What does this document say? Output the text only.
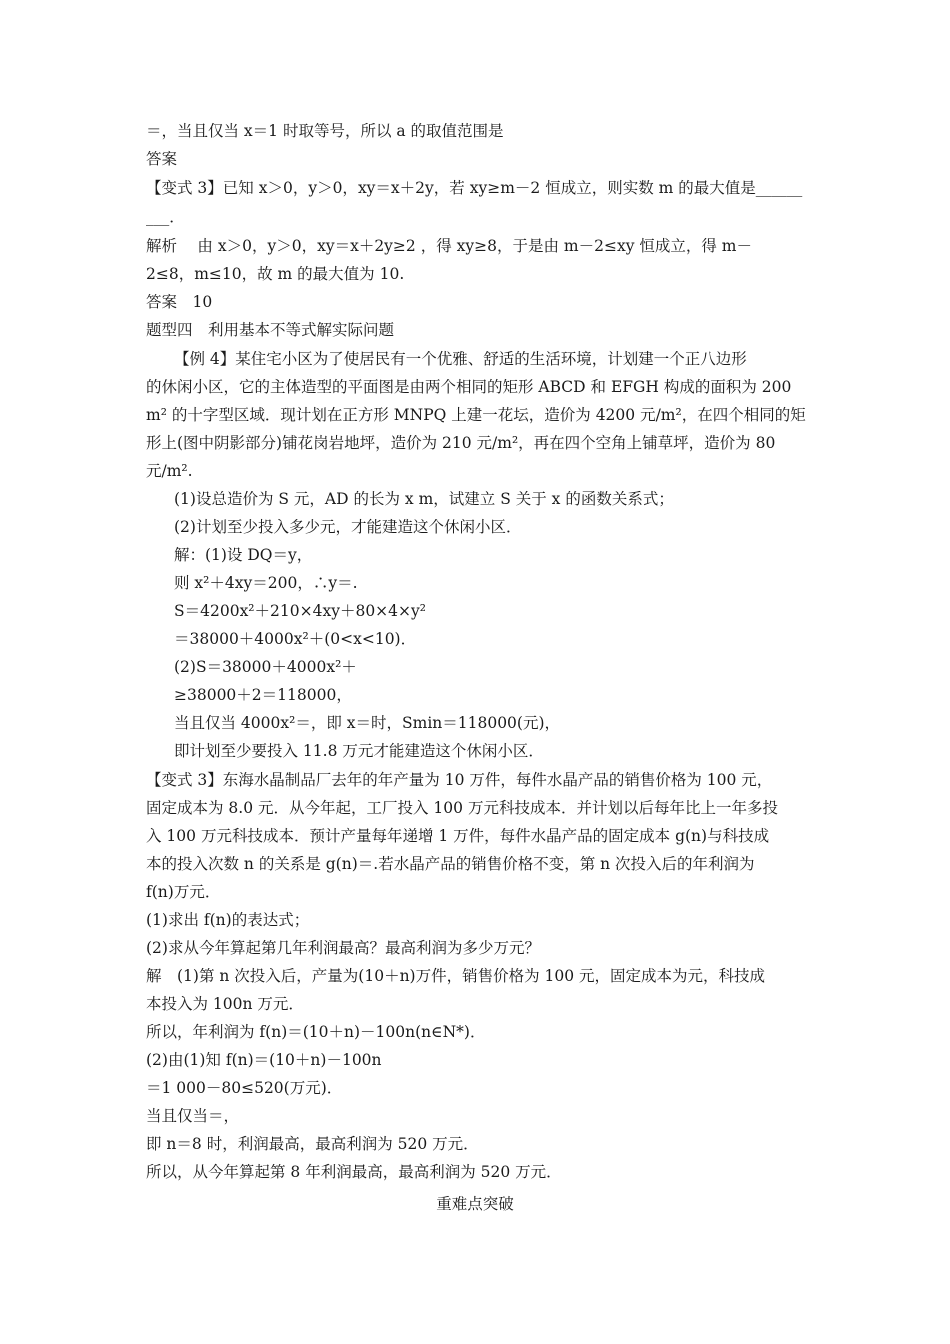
＝，当且仅当 x＝1 时取等号，所以 a 的取值范围是
答案
【变式 3】已知 x＞0，y＞0，xy＝x＋2y，若 xy≥m－2 恒成立，则实数 m 的最大值是______
___．
解析　 由 x＞0，y＞0，xy＝x＋2y≥2 ，得 xy≥8，于是由 m－2≤xy 恒成立，得 m－
2≤8，m≤10，故 m 的最大值为 10.
答案　10
题型四　利用基本不等式解实际问题
【例 4】某住宅小区为了使居民有一个优雅、舒适的生活环境，计划建一个正八边形
的休闲小区，它的主体造型的平面图是由两个相同的矩形 ABCD 和 EFGH 构成的面积为 200
m² 的十字型区域．现计划在正方形 MNPQ 上建一花坛，造价为 4200 元/m²，在四个相同的矩
形上(图中阴影部分)铺花岗岩地坪，造价为 210 元/m²，再在四个空角上铺草坪，造价为 80
元/m².
(1)设总造价为 S 元，AD 的长为 x m，试建立 S 关于 x 的函数关系式；
(2)计划至少投入多少元，才能建造这个休闲小区．
解：(1)设 DQ＝y，
则 x²＋4xy＝200，∴y＝.
S＝4200x²＋210×4xy＋80×4×y²
＝38000＋4000x²＋(0<x<10)．
(2)S＝38000＋4000x²＋
≥38000＋2＝118000，
当且仅当 4000x²＝，即 x＝时，Smin＝118000(元)，
即计划至少要投入 11.8 万元才能建造这个休闲小区．
【变式 3】东海水晶制品厂去年的年产量为 10 万件，每件水晶产品的销售价格为 100 元，
固定成本为 8.0 元．从今年起，工厂投入 100 万元科技成本．并计划以后每年比上一年多投
入 100 万元科技成本．预计产量每年递增 1 万件，每件水晶产品的固定成本 g(n)与科技成
本的投入次数 n 的关系是 g(n)＝.若水晶产品的销售价格不变，第 n 次投入后的年利润为
f(n)万元．
(1)求出 f(n)的表达式；
(2)求从今年算起第几年利润最高？最高利润为多少万元？
解　(1)第 n 次投入后，产量为(10＋n)万件，销售价格为 100 元，固定成本为元，科技成
本投入为 100n 万元．
所以，年利润为 f(n)＝(10＋n)－100n(n∈N*)．
(2)由(1)知 f(n)＝(10＋n)－100n
＝1 000－80≤520(万元)．
当且仅当＝，
即 n＝8 时，利润最高，最高利润为 520 万元．
所以，从今年算起第 8 年利润最高，最高利润为 520 万元．
重难点突破
